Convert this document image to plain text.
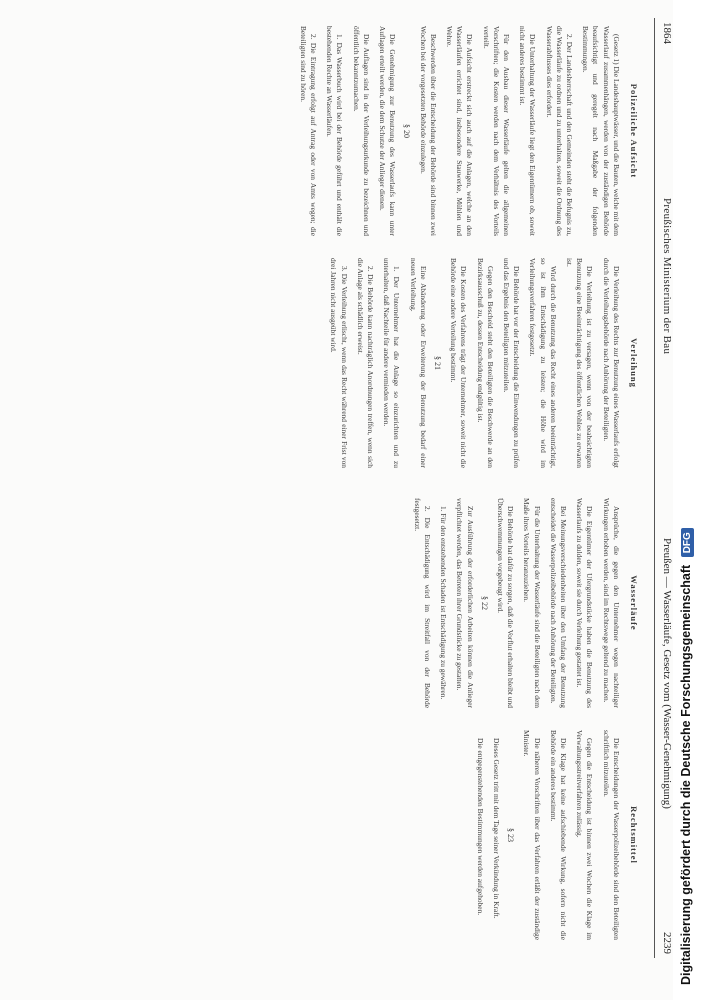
1864
Preußisches Ministerium der Bau
Preußen — Wasserläufe, Gesetz vom (Wasser-Genehmigung)
2239
Polizeiliche Aufsicht

(Gesetz 1) Die Landeshauptwässer, und die Bauten, welche mit dem Wasserlauf zusammenhängen, werden von der zuständigen Behörde beaufsichtigt und geregelt nach Maßgabe der folgenden Bestimmungen.

2. Der Landesherrschaft und den Gemeinden steht die Befugnis zu, die Wasserläufe zu ordnen und zu unterhalten, soweit die Ordnung des Wasserabflusses dies erfordert.

Die Unterhaltung der Wasserläufe liegt den Eigentümern ob, soweit nicht anderes bestimmt ist.

Für den Ausbau dieser Wasserläufe gelten die allgemeinen Vorschriften; die Kosten werden nach dem Verhältnis des Vorteils verteilt.

Die Aufsicht erstreckt sich auch auf die Anlagen, welche an den Wasserläufen errichtet sind, insbesondere Stauwerke, Mühlen und Wehre.

Beschwerden über die Entscheidung der Behörde sind binnen zwei Wochen bei der vorgesetzten Behörde einzulegen.

§ 20

Die Genehmigung zur Benutzung des Wasserlaufs kann unter Auflagen erteilt werden, die dem Schutze der Anlieger dienen.

Die Auflagen sind in der Verleihungsurkunde zu bezeichnen und öffentlich bekanntzumachen.

1. Das Wasserbuch wird bei der Behörde geführt und enthält die bestehenden Rechte an Wasserläufen.

2. Die Eintragung erfolgt auf Antrag oder von Amts wegen; die Beteiligten sind zu hören.

Verleihung

Die Verleihung des Rechts zur Benutzung eines Wasserlaufs erfolgt durch die Verleihungsbehörde nach Anhörung der Beteiligten.

Die Verleihung ist zu versagen, wenn von der beabsichtigten Benutzung eine Beeinträchtigung des öffentlichen Wohles zu erwarten ist.

Wird durch die Benutzung das Recht eines anderen beeinträchtigt, so ist ihm Entschädigung zu leisten; die Höhe wird im Verleihungsverfahren festgesetzt.

Die Behörde hat vor der Entscheidung die Einwendungen zu prüfen und das Ergebnis den Beteiligten mitzuteilen.

Gegen den Bescheid steht den Beteiligten die Beschwerde an den Bezirksausschuß zu, dessen Entscheidung endgültig ist.

Die Kosten des Verfahrens trägt der Unternehmer, soweit nicht die Behörde eine andere Verteilung bestimmt.

§ 21

Eine Abänderung oder Erweiterung der Benutzung bedarf einer neuen Verleihung.

1. Der Unternehmer hat die Anlage so einzurichten und zu unterhalten, daß Nachteile für andere vermieden werden.

2. Die Behörde kann nachträglich Anordnungen treffen, wenn sich die Anlage als schädlich erweist.

3. Die Verleihung erlischt, wenn das Recht während einer Frist von drei Jahren nicht ausgeübt wird.

Wasserläufe

Ansprüche, die gegen den Unternehmer wegen nachteiliger Wirkungen erhoben werden, sind im Rechtswege geltend zu machen.

Die Eigentümer der Ufergrundstücke haben die Benutzung des Wasserlaufs zu dulden, soweit sie durch Verleihung gestattet ist.

Bei Meinungsverschiedenheiten über den Umfang der Benutzung entscheidet die Wasserpolizeibehörde nach Anhörung der Beteiligten.

Für die Unterhaltung der Wasserläufe sind die Beteiligten nach dem Maße ihres Vorteils heranzuziehen.

Die Behörde hat dafür zu sorgen, daß die Vorflut erhalten bleibt und Überschwemmungen vorgebeugt wird.

§ 22

Zur Ausführung der erforderlichen Arbeiten können die Anlieger verpflichtet werden, das Betreten ihrer Grundstücke zu gestatten.

1. Für den entstehenden Schaden ist Entschädigung zu gewähren.

2. Die Entschädigung wird im Streitfall von der Behörde festgesetzt.

Rechtsmittel

Die Entscheidungen der Wasserpolizeibehörde sind den Beteiligten schriftlich mitzuteilen.

Gegen die Entscheidung ist binnen zwei Wochen die Klage im Verwaltungsstreitverfahren zulässig.

Die Klage hat keine aufschiebende Wirkung, sofern nicht die Behörde ein anderes bestimmt.

Die näheren Vorschriften über das Verfahren erläßt der zuständige Minister.

§ 23

Dieses Gesetz tritt mit dem Tage seiner Verkündung in Kraft.

Die entgegenstehenden Bestimmungen werden aufgehoben.	Digitalisierung gefördert durch die Deutsche Forschungsgemeinschaft DFG
